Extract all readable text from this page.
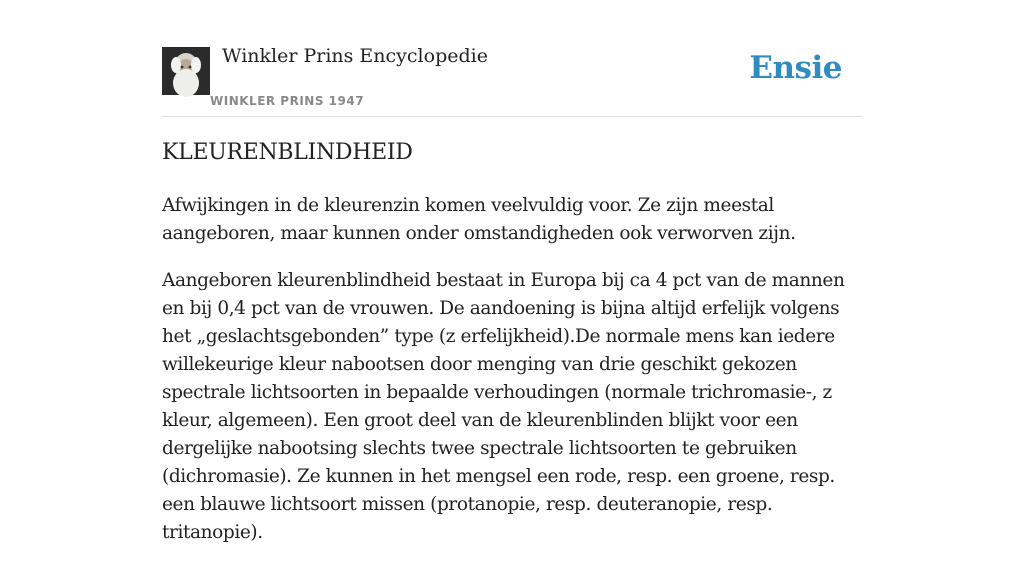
Winkler Prins Encyclopedie
WINKLER PRINS 1947
Ensie
KLEURENBLINDHEID

Afwijkingen in de kleurenzin komen veelvuldig voor. Ze zijn meestal aangeboren, maar kunnen onder omstandigheden ook verworven zijn.

Aangeboren kleurenblindheid bestaat in Europa bij ca 4 pct van de mannen en bij 0,4 pct van de vrouwen. De aandoening is bijna altijd erfelijk volgens het „geslachtsgebonden” type (z erfelijkheid).De normale mens kan iedere willekeurige kleur nabootsen door menging van drie geschikt gekozen spectrale lichtsoorten in bepaalde verhoudingen (normale trichromasie-, z kleur, algemeen). Een groot deel van de kleurenblinden blijkt voor een dergelijke nabootsing slechts twee spectrale lichtsoorten te gebruiken (dichromasie). Ze kunnen in het mengsel een rode, resp. een groene, resp. een blauwe lichtsoort missen (protanopie, resp. deuteranopie, resp. tritanopie).
